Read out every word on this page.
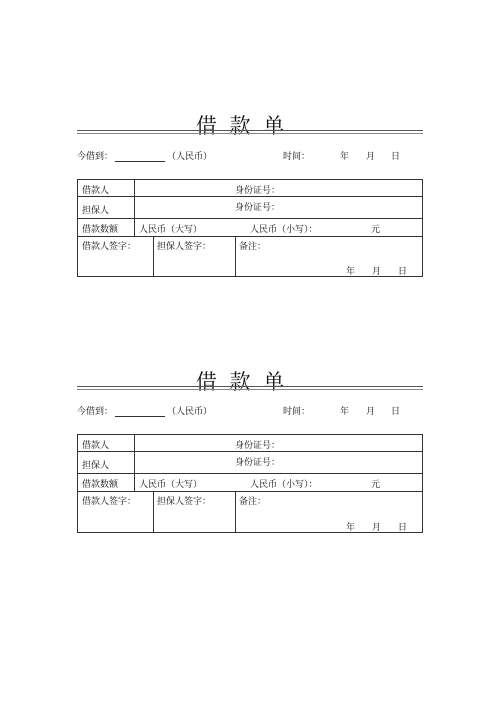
借 款 单
今借到：	（人民币）	时间：	年 月 日
借款人	身份证号：
担保人	身份证号：
借款数额 人民币（大写）	人民币（小写）：	元
借款人签字： 担保人签字：	备注：
年 月 日
借 款 单
今借到：	（人民币）	时间：	年 月 日
借款人	身份证号：
担保人	身份证号：
借款数额 人民币（大写）	人民币（小写）：	元
借款人签字： 担保人签字：	备注：
年 月 日
